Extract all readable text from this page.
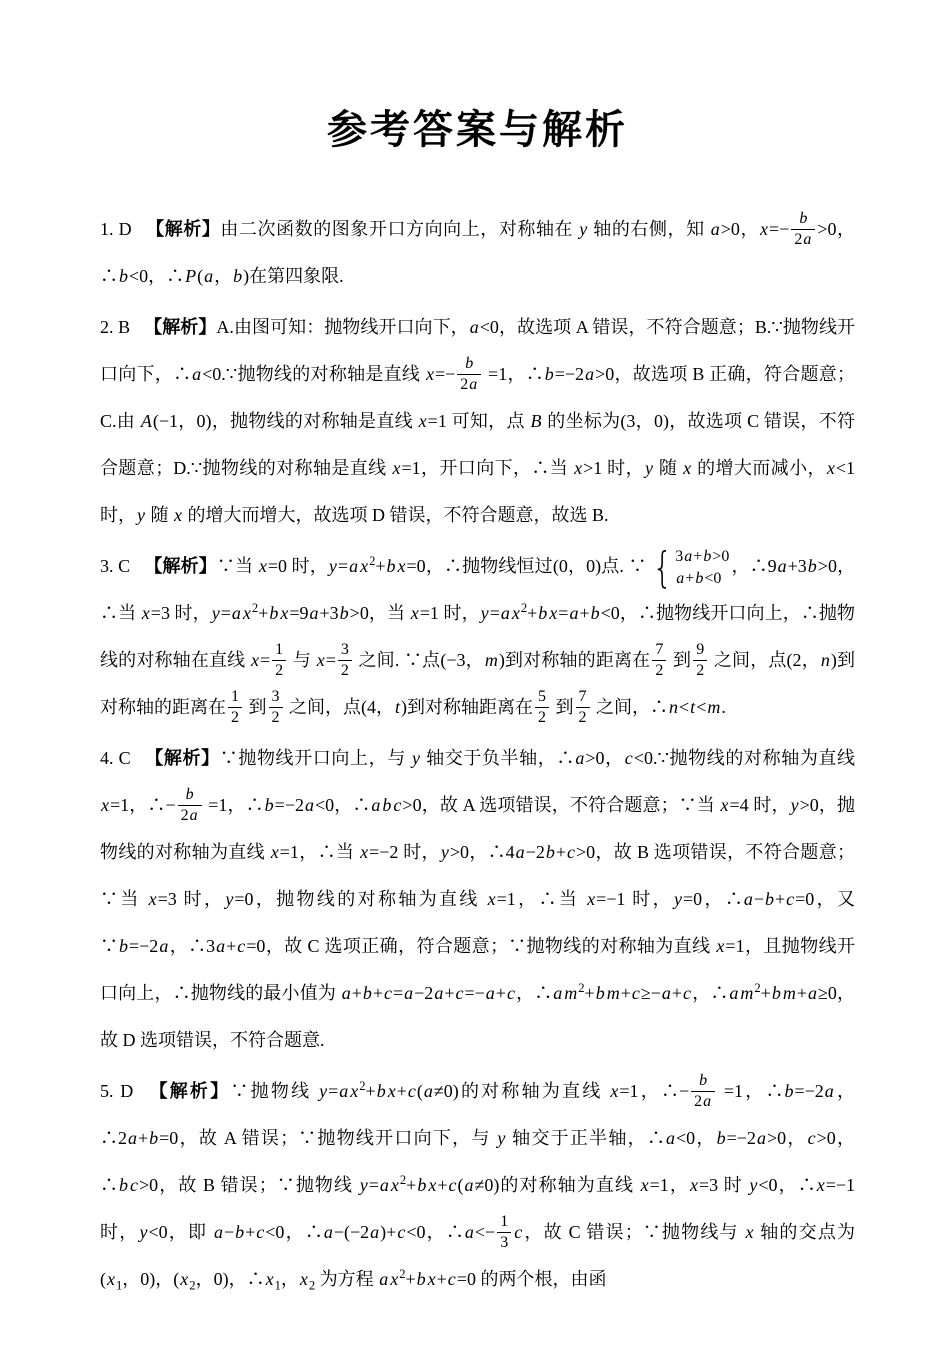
参考答案与解析

1. D 【解析】由二次函数的图象开口方向向上，对称轴在 y 轴的右侧，知 a>0，$x=- \frac{b}{2a} >0$，∴b<0，∴P(a，b)在第四象限.

2. B 【解析】A.由图可知：抛物线开口向下，a<0，故选项 A 错误，不符合题意；B.∵抛物线开口向下，∴a<0.∵抛物线的对称轴是直线 $x=- \frac{b}{2a} =1$，∴b=−2a>0，故选项 B 正确，符合题意；C.由 A(−1，0)，抛物线的对称轴是直线 x=1 可知，点 B 的坐标为(3，0)，故选项 C 错误，不符合题意；D.∵抛物线的对称轴是直线 x=1，开口向下，∴当 x>1 时，y 随 x 的增大而减小，x<1 时，y 随 x 的增大而增大，故选项 D 错误，不符合题意，故选 B.

3. C 【解析】∵当 x=0 时，y=a $x^2+b$ x=0，∴抛物线恒过(0，0)点. ∵ { 3a+b>0
a+b<0
，∴9a+3b>0，∴当 x=3 时，y=a $x^2+b$ x=9a+3b>0，当 x=1 时，y=a $x^2+b$ x=a+b<0，∴抛物线开口向上，∴抛物线的对称轴在直线 $x= \frac{1}{2}$ 与 $x= \frac{3}{2}$ 之间. ∵点(−3，m)到对称轴的距离在 $\frac{7}{2}$ 到 $\frac{9}{2}$ 之间，点(2，n)到对称轴的距离在 $\frac{1}{2}$ 到 $\frac{3}{2}$ 之间，点(4，t)到对称轴距离在 $\frac{5}{2}$ 到 $\frac{7}{2}$ 之间，∴n<t<m.

4. C 【解析】∵抛物线开口向上，与 y 轴交于负半轴，∴a>0，c<0.∵抛物线的对称轴为直线 x=1，∴− $\frac{b}{2a} =1$，∴b=−2a<0，∴a b c>0，故 A 选项错误，不符合题意；∵当 x=4 时，y>0，抛物线的对称轴为直线 x=1，∴当 x=−2 时，y>0，∴4a−2b+c>0，故 B 选项错误，不符合题意；∵当 x=3 时，y=0，抛物线的对称轴为直线 x=1，∴当 x=−1 时，y=0，∴a−b+c=0，又∵b=−2a，∴3a+c=0，故 C 选项正确，符合题意；∵抛物线的对称轴为直线 x=1，且抛物线开口向上，∴抛物线的最小值为 a+b+c=a−2a+c=−a+c，∴a $m^2+b$ m+c≥−a+c，∴a $m^2+b$ m+a≥0，故 D 选项错误，不符合题意.

5. D 【解析】∵抛物线 y=a $x^2+b$ x+c(a≠0)的对称轴为直线 x=1，∴− $\frac{b}{2a} =1$，∴b=−2a，∴2a+b=0，故 A 错误；∵抛物线开口向下，与 y 轴交于正半轴，∴a<0，b=−2a>0，c>0，∴b c>0，故 B 错误；∵抛物线 y=a $x^2+b$ x+c(a≠0)的对称轴为直线 x=1，x=3 时 y<0，∴x=−1 时，y<0，即 a−b+c<0，∴a−(−2a)+c<0，∴a<− $\frac{1}{3}$ c，故 C 错误；∵抛物线与 x 轴的交点为($x_1$，0)，($x_2$，0)，$\therefore x_1$，$x_2$ 为方程 a $x^2+b$ x+c=0 的两个根，由函
